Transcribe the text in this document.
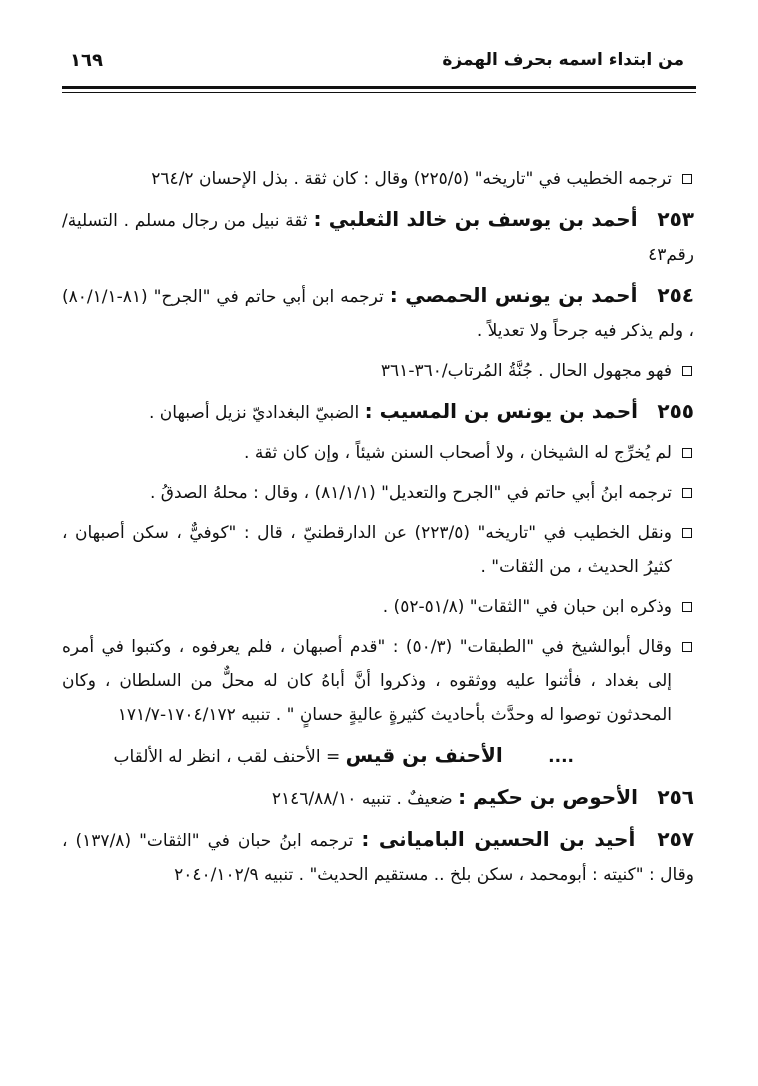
١٦٩	من ابتداء اسمه بحرف الهمزة

ترجمه الخطيب في "تاريخه" (٢٢٥/٥) وقال : كان ثقة . بذل الإحسان ٢٦٤/٢

٢٥٣ أحمد بن يوسف بن خالد الثعلبي : ثقة نبيل من رجال مسلم . التسلية/رقم٤٣

٢٥٤ أحمد بن يونس الحمصي : ترجمه ابن أبي حاتم في "الجرح" (٨١-٨٠/١/١) ، ولم يذكر فيه جرحاً ولا تعديلاً .

فهو مجهول الحال . جُنَّةُ المُرتاب/٣٦٠-٣٦١

٢٥٥ أحمد بن يونس بن المسيب : الضبيّ البغداديّ نزيل أصبهان .

لم يُخرِّج له الشيخان ، ولا أصحاب السنن شيئاً ، وإن كان ثقة .

ترجمه ابنُ أبي حاتم في "الجرح والتعديل" (٨١/١/١) ، وقال : محلهُ الصدقُ .

ونقل الخطيب في "تاريخه" (٢٢٣/٥) عن الدارقطنيّ ، قال : "كوفيٌّ ، سكن أصبهان ، كثيرُ الحديث ، من الثقات" .

وذكره ابن حبان في "الثقات" (٥١/٨-٥٢) .

وقال أبوالشيخ في "الطبقات" (٥٠/٣) : "قدم أصبهان ، فلم يعرفوه ، وكتبوا في أمره إلى بغداد ، فأثنوا عليه ووثقوه ، وذكروا أنَّ أباهُ كان له محلٌّ من السلطان ، وكان المحدثون توصوا له وحدَّث بأحاديث كثيرةٍ عاليةٍ حسانٍ " . تنبيه ١٧٠٤/١٧٢-١٧١/٧

.... الأحنف بن قيس = الأحنف لقب ، انظر له الألقاب

٢٥٦ الأحوص بن حكيم : ضعيفٌ . تنبيه ٢١٤٦/٨٨/١٠

٢٥٧ أحيد بن الحسين الباميانى : ترجمه ابنُ حبان في "الثقات" (١٣٧/٨) ، وقال : "كنيته : أبومحمد ، سكن بلخ .. مستقيم الحديث" . تنبيه ٢٠٤٠/١٠٢/٩
